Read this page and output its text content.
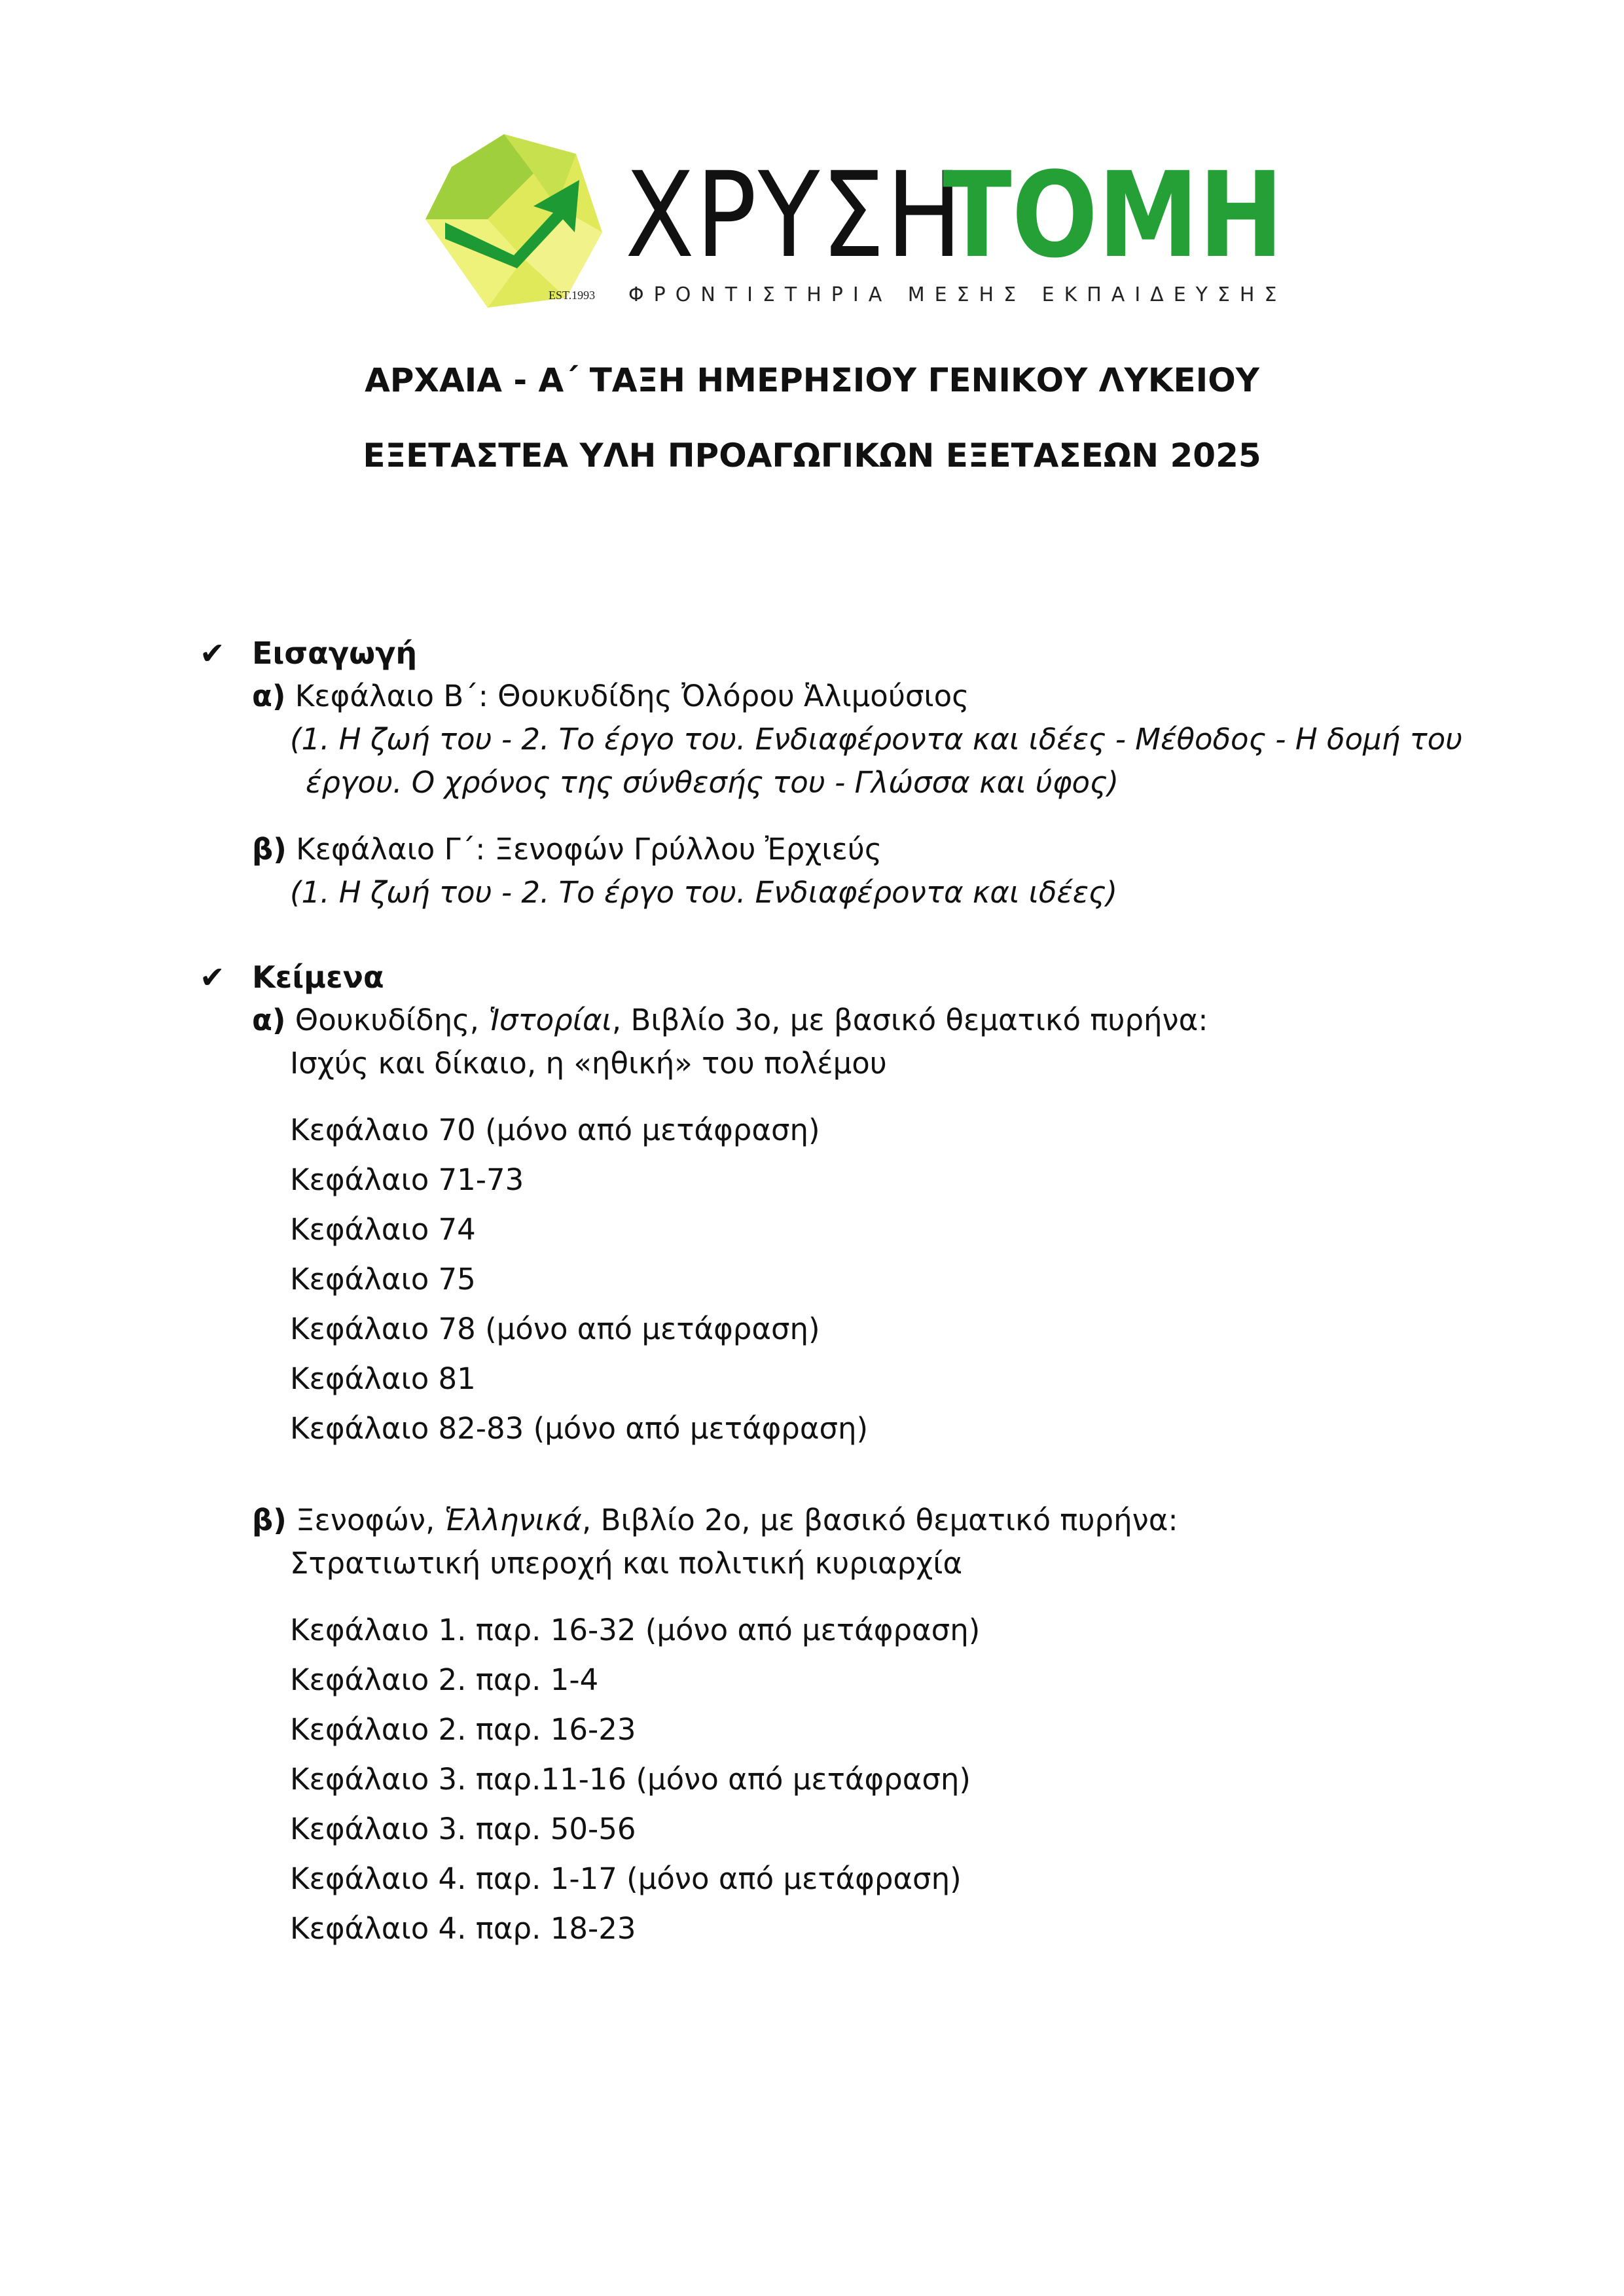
ΧΡΥΣΗ
ΤΟΜΗ
EST.1993 ΦΡΟΝΤΙΣΤΗΡΙΑ ΜΕΣΗΣ ΕΚΠΑΙΔΕΥΣΗΣ
ΑΡΧΑΙΑ - Α΄ ΤΑΞΗ ΗΜΕΡΗΣΙΟΥ ΓΕΝΙΚΟΥ ΛΥΚΕΙΟΥ
ΕΞΕΤΑΣΤΕΑ ΥΛΗ ΠΡΟΑΓΩΓΙΚΩΝ ΕΞΕΤΑΣΕΩΝ 2025
✔ Εισαγωγή
α) Κεφάλαιο Β΄: Θουκυδίδης Ὀλόρου Ἁλιμούσιος
(1. Η ζωή του - 2. Το έργο του. Ενδιαφέροντα και ιδέες - Μέθοδος - Η δομή του
έργου. Ο χρόνος της σύνθεσής του - Γλώσσα και ύφος)
β) Κεφάλαιο Γ΄: Ξενοφών Γρύλλου Ἐρχιεύς
(1. Η ζωή του - 2. Το έργο του. Ενδιαφέροντα και ιδέες)
✔ Κείμενα
α) Θουκυδίδης, Ἱστορίαι, Βιβλίο 3ο, με βασικό θεματικό πυρήνα:
Ισχύς και δίκαιο, η «ηθική» του πολέμου
Κεφάλαιο 70 (μόνο από μετάφραση)
Κεφάλαιο 71-73
Κεφάλαιο 74
Κεφάλαιο 75
Κεφάλαιο 78 (μόνο από μετάφραση)
Κεφάλαιο 81
Κεφάλαιο 82-83 (μόνο από μετάφραση)
β) Ξενοφών, Ἑλληνικά, Βιβλίο 2ο, με βασικό θεματικό πυρήνα:
Στρατιωτική υπεροχή και πολιτική κυριαρχία
Κεφάλαιο 1. παρ. 16-32 (μόνο από μετάφραση)
Κεφάλαιο 2. παρ. 1-4
Κεφάλαιο 2. παρ. 16-23
Κεφάλαιο 3. παρ.11-16 (μόνο από μετάφραση)
Κεφάλαιο 3. παρ. 50-56
Κεφάλαιο 4. παρ. 1-17 (μόνο από μετάφραση)
Κεφάλαιο 4. παρ. 18-23
